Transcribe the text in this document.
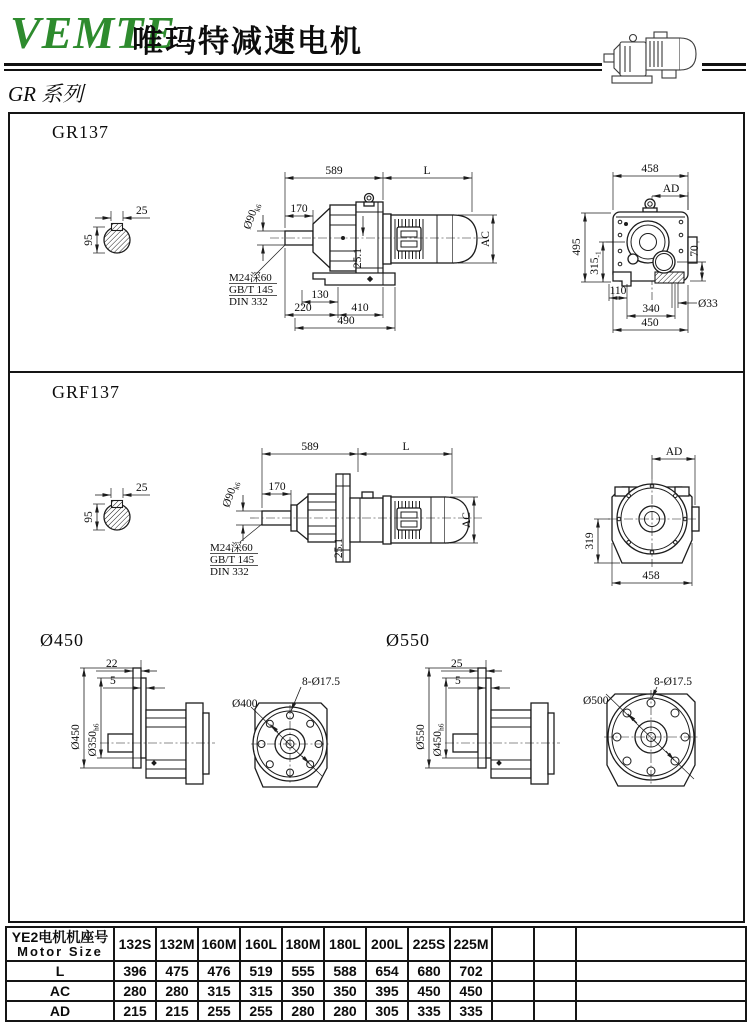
VEMTE
唯玛特减速电机
GR 系列
GR137
GRF137
Ø450	Ø550
25
95
170
589	L
$Ø90_{k6}$
25.1
AC
M24深60
GB/T 145
DIN 332
130
220	410
490
458
AD
495
$315_{-1}$	70
110
340
450
Ø33
25
95
170
589	L
$Ø90_{k6}$
25.1
AC
M24深60
GB/T 145
DIN 332
AD
319
458
22
5
Ø450 $Ø350_{h6}$
Ø400
8-Ø17.5
25
5
Ø550 $Ø450_{h6}$
Ø500
8-Ø17.5
YE2电机机座号
Motor Size	132S	132M	160M	160L	180M	180L	200L	225S	225M			
L	396	475	476	519	555	588	654	680	702			
AC	280	280	315	315	350	350	395	450	450			
AD	215	215	255	255	280	280	305	335	335			
